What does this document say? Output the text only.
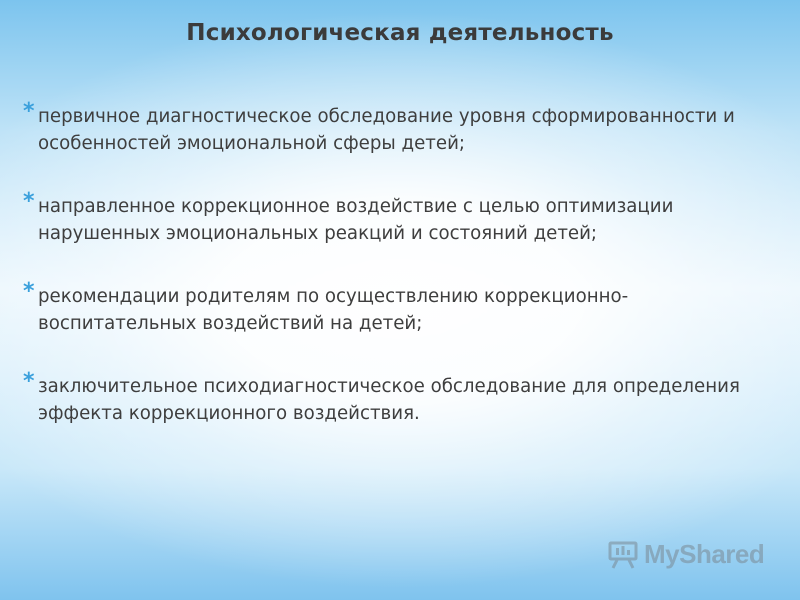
Психологическая деятельность
* первичное диагностическое обследование уровня сформированности и особенностей эмоциональной сферы детей;
* направленное коррекционное воздействие с целью оптимизации нарушенных эмоциональных реакций и состояний детей;
* рекомендации родителям по осуществлению коррекционно-воспитательных воздействий на детей;
* заключительное психодиагностическое обследование для определения эффекта коррекционного воздействия.
MyShared
